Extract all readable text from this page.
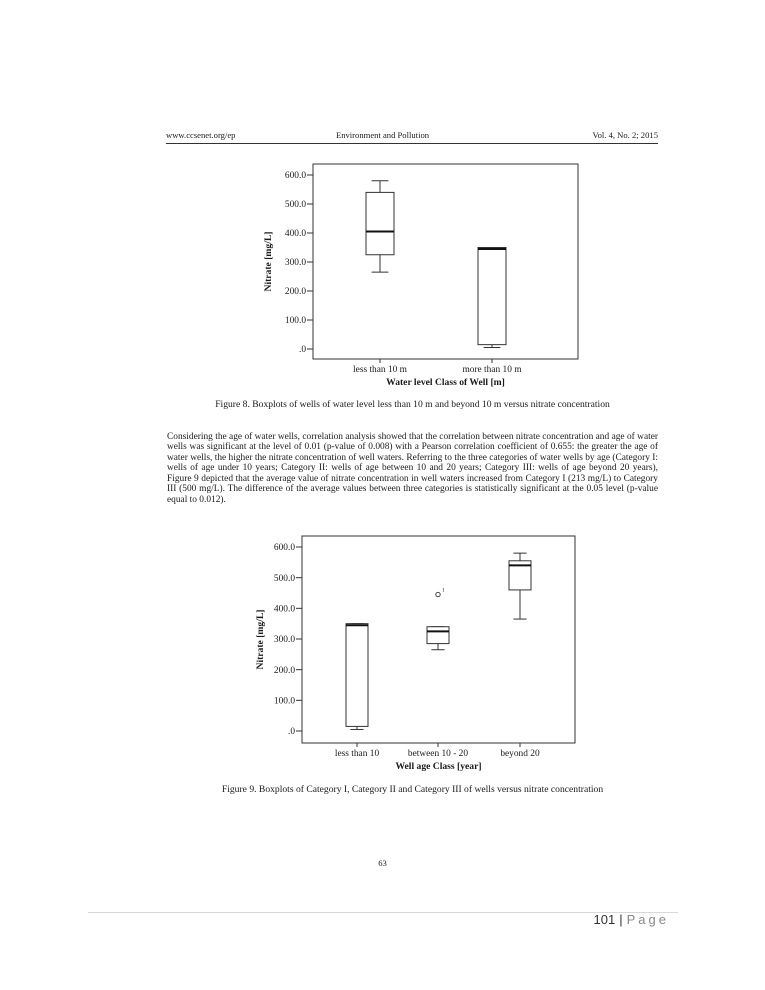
www.ccsenet.org/ep	Environment and Pollution	Vol. 4, No. 2; 2015
.0
100.0
200.0
300.0
400.0
500.0
600.0
less than 10 m	more than 10 m
Water level Class of Well [m]
Nitrate [mg/L]
Figure 8. Boxplots of wells of water level less than 10 m and beyond 10 m versus nitrate concentration
Considering the age of water wells, correlation analysis showed that the correlation between nitrate concentration and age of water wells was significant at the level of 0.01 (p-value of 0.008) with a Pearson correlation coefficient of 0.655: the greater the age of water wells, the higher the nitrate concentration of well waters. Referring to the three categories of water wells by age (Category I: wells of age under 10 years; Category II: wells of age between 10 and 20 years; Category III: wells of age beyond 20 years), Figure 9 depicted that the average value of nitrate concentration in well waters increased from Category I (213 mg/L) to Category III (500 mg/L). The difference of the average values between three categories is statistically significant at the 0.05 level (p-value equal to 0.012).
.0
100.0
200.0
300.0
400.0
500.0
600.0
less than 10	between 10 - 20	beyond 20
1
Well age Class [year]
Nitrate [mg/L]
Figure 9. Boxplots of Category I, Category II and Category III of wells versus nitrate concentration
63
101 | Page
